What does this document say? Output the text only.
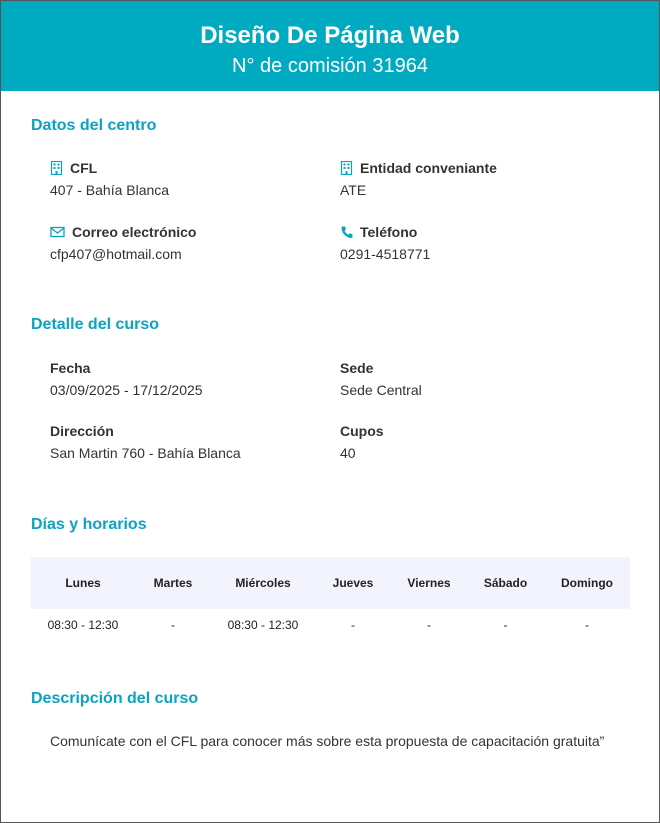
Diseño De Página Web
N° de comisión 31964
Datos del centro
CFL
407 - Bahía Blanca
Entidad conveniante
ATE
Correo electrónico
cfp407@hotmail.com
Teléfono
0291-4518771
Detalle del curso
Fecha
03/09/2025 - 17/12/2025
Sede
Sede Central
Dirección
San Martin 760 - Bahía Blanca
Cupos
40
Días y horarios
Lunes	Martes	Miércoles	Jueves	Viernes	Sábado	Domingo
08:30 - 12:30	-	08:30 - 12:30	-	-	-	-
Descripción del curso
Comunícate con el CFL para conocer más sobre esta propuesta de capacitación gratuita”
